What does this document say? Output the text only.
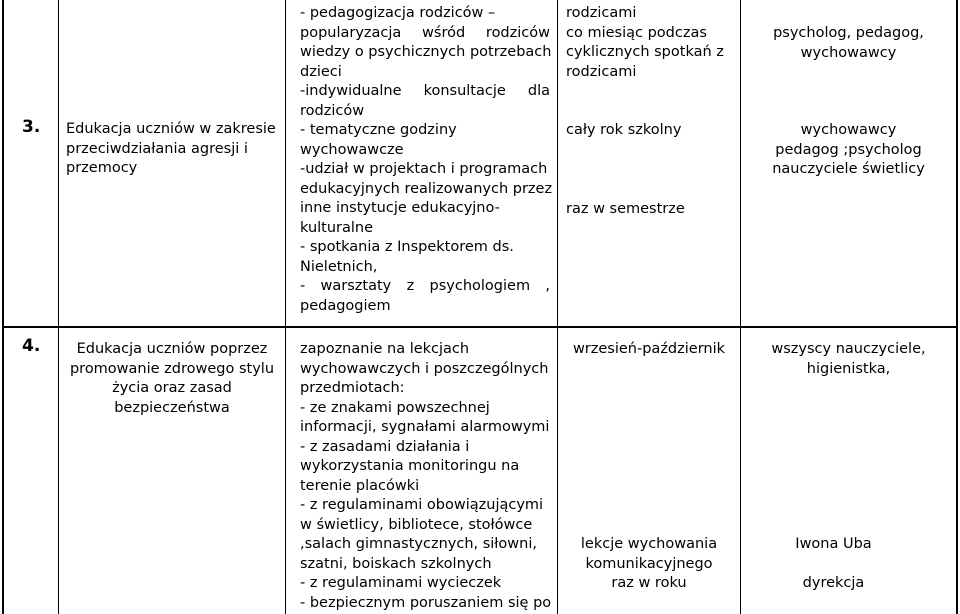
3. Edukacja uczniów w zakresie
przeciwdziałania agresji i
przemocy
- pedagogizacja rodziców –
popularyzacja wśród rodziców
wiedzy o psychicznych potrzebach
dzieci
-indywidualne konsultacje dla
rodziców
- tematyczne godziny
wychowawcze
-udział w projektach i programach
edukacyjnych realizowanych przez
inne instytucje edukacyjno-
kulturalne
- spotkania z Inspektorem ds.
Nieletnich,
- warsztaty z psychologiem ,
pedagogiem
rodzicami
co miesiąc podczas
cyklicznych spotkań z
rodzicami
cały rok szkolny
raz w semestrze
psycholog, pedagog,
wychowawcy
wychowawcy
pedagog ;psycholog
nauczyciele świetlicy
4.	Edukacja uczniów poprzez
promowanie zdrowego stylu
życia oraz zasad
bezpieczeństwa
zapoznanie na lekcjach
wychowawczych i poszczególnych
przedmiotach:
- ze znakami powszechnej
informacji, sygnałami alarmowymi
- z zasadami działania i
wykorzystania monitoringu na
terenie placówki
- z regulaminami obowiązującymi
w świetlicy, bibliotece, stołówce
,salach gimnastycznych, siłowni,
szatni, boiskach szkolnych
- z regulaminami wycieczek
- bezpiecznym poruszaniem się po
wrzesień-październik
lekcje wychowania
komunikacyjnego
raz w roku
wszyscy nauczyciele,
higienistka,
Iwona Uba
dyrekcja
